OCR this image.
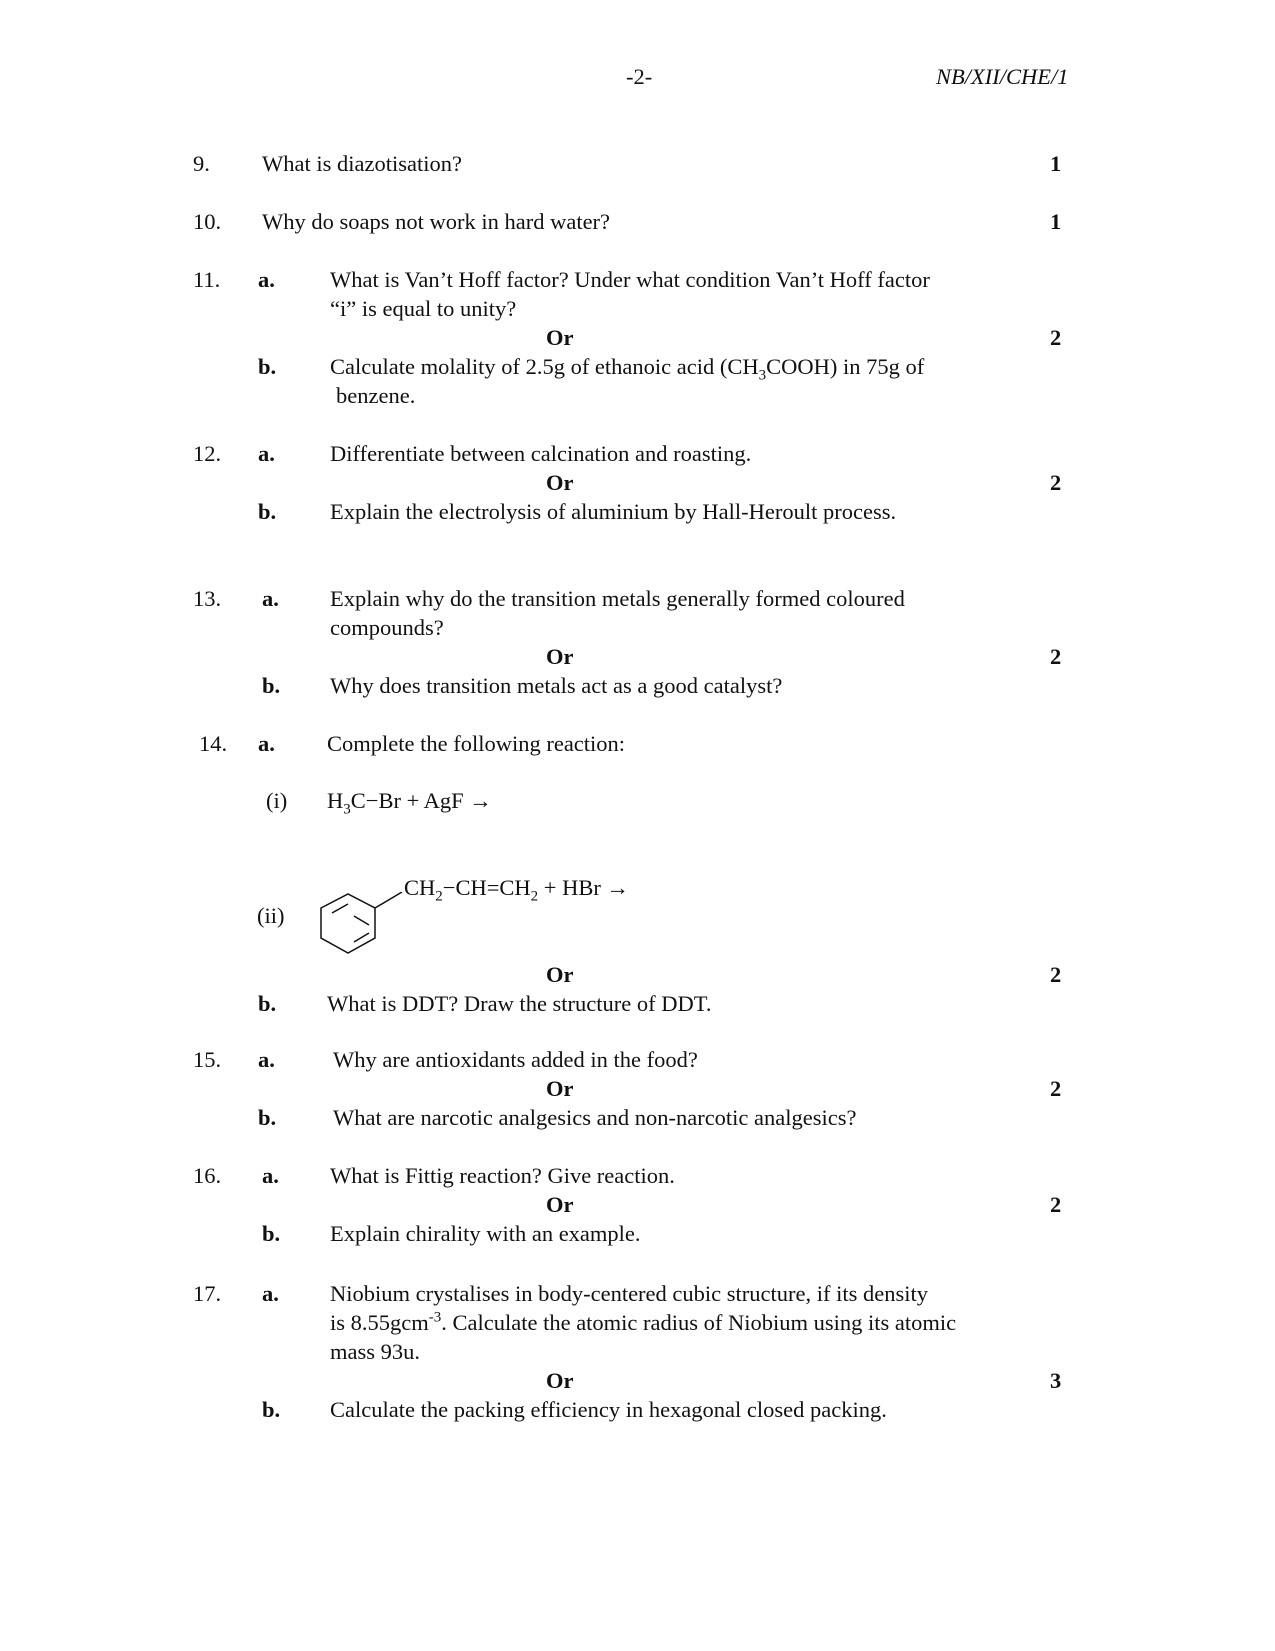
-2-	NB/XII/CHE/1
9. What is diazotisation?	1
10. Why do soaps not work in hard water?	1
11. a. What is Van’t Hoff factor? Under what condition Van’t Hoff factor
“i” is equal to unity?
Or	2
b. Calculate molality of 2.5g of ethanoic acid $(CH_3COOH)$ in 75g of
benzene.
12. a. Differentiate between calcination and roasting.
Or	2
b. Explain the electrolysis of aluminium by Hall-Heroult process.
13. a. Explain why do the transition metals generally formed coloured
compounds?
Or	2
b. Why does transition metals act as a good catalyst?
14. a. Complete the following reaction:
(i) $H_3C-Br$ + AgF →
(ii)
$CH_2-CH=CH_2$ + HBr →
Or	2
b. What is DDT? Draw the structure of DDT.
15. a.	Why are antioxidants added in the food?
Or	2
b.	What are narcotic analgesics and non-narcotic analgesics?
16. a. What is Fittig reaction? Give reaction.
Or	2
b. Explain chirality with an example.
17. a. Niobium crystalises in body-centered cubic structure, if its density
is 8.55gcm$^{-3}$. Calculate the atomic radius of Niobium using its atomic
mass 93u.
Or	3
b. Calculate the packing efficiency in hexagonal closed packing.
